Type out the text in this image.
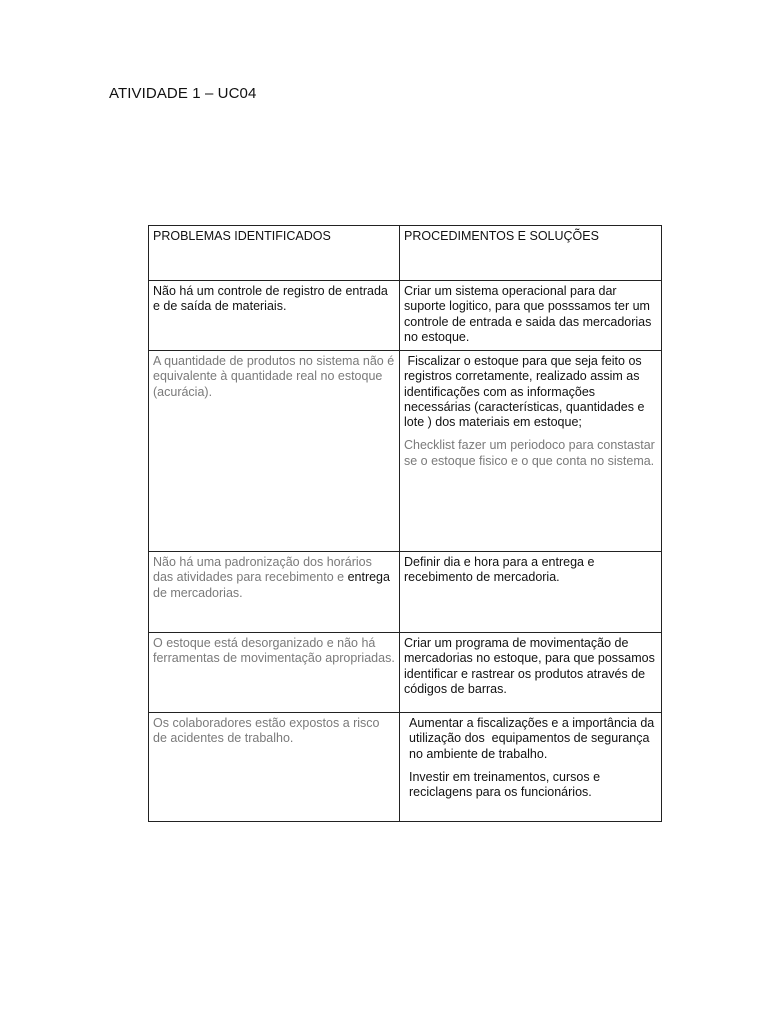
ATIVIDADE 1 – UC04
PROBLEMAS IDENTIFICADOS	PROCEDIMENTOS E SOLUÇÕES
Não há um controle de registro de entrada e de saída de materiais.	Criar um sistema operacional para dar suporte logitico, para que posssamos ter um controle de entrada e saida das mercadorias no estoque.

A quantidade de produtos no sistema não é equivalente à quantidade real no estoque (acurácia).	Fiscalizar o estoque para que seja feito os registros corretamente, realizado assim as identificações com as informações necessárias (características, quantidades e lote ) dos materiais em estoque;

Checklist fazer um periodoco para constastar se o estoque fisico e o que conta no sistema.

Não há uma padronização dos horários das atividades para recebimento e entrega de mercadorias.	Definir dia e hora para a entrega e recebimento de mercadoria.

O estoque está desorganizado e não há ferramentas de movimentação apropriadas.	Criar um programa de movimentação de mercadorias no estoque, para que possamos identificar e rastrear os produtos através de códigos de barras.

Os colaboradores estão expostos a risco de acidentes de trabalho.	Aumentar a fiscalizações e a importância da utilização dos  equipamentos de segurança no ambiente de trabalho.

Investir em treinamentos, cursos e reciclagens para os funcionários.
